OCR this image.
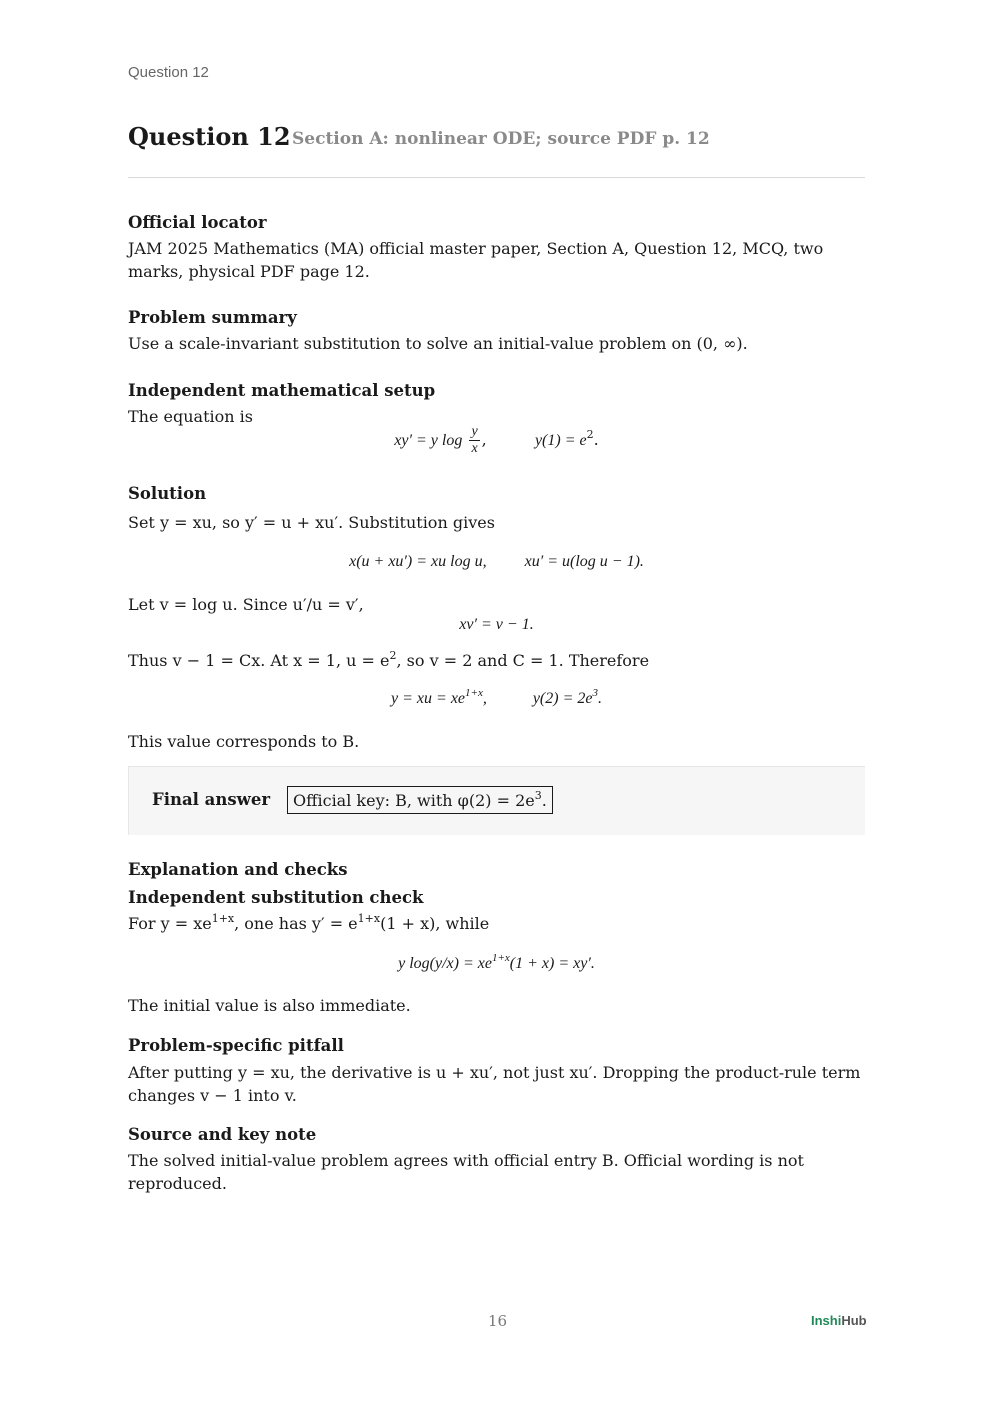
Question 12
Question 12 Section A: nonlinear ODE; source PDF p. 12
Official locator
JAM 2025 Mathematics (MA) official master paper, Section A, Question 12, MCQ, two marks, physical PDF page 12.
Problem summary
Use a scale-invariant substitution to solve an initial-value problem on (0, ∞).
Independent mathematical setup
The equation is
xy′ = y $\log \frac{y}{x}$ ,	$y(1) = e^2$.
Solution
Set y = xu, so y′ = u + xu′. Substitution gives
x(u + xu′) = xu log u, xu′ = u(log u − 1).
Let v = log u. Since u′/u = v′,
xv′ = v − 1.
Thus v − 1 = Cx. At x = 1, $u = e^2$, so v = 2 and C = 1. Therefore
y = xu = $xe^{1+x}$,	$y(2) = 2e^3$.
This value corresponds to B.
Final answer	Official key: B, with $\varphi(2) = 2e^3$.
Explanation and checks
Independent substitution check
For $y = xe^{1+x}$, one has $y' = e^{1+x}(1 + x)$, while
y $\log(y/x) = xe^{1+x}(1 + x) = xy'$.
The initial value is also immediate.
Problem-specific pitfall
After putting y = xu, the derivative is u + xu′, not just xu′. Dropping the product-rule term changes v − 1 into v.
Source and key note
The solved initial-value problem agrees with official entry B. Official wording is not reproduced.
16	InshiHub
